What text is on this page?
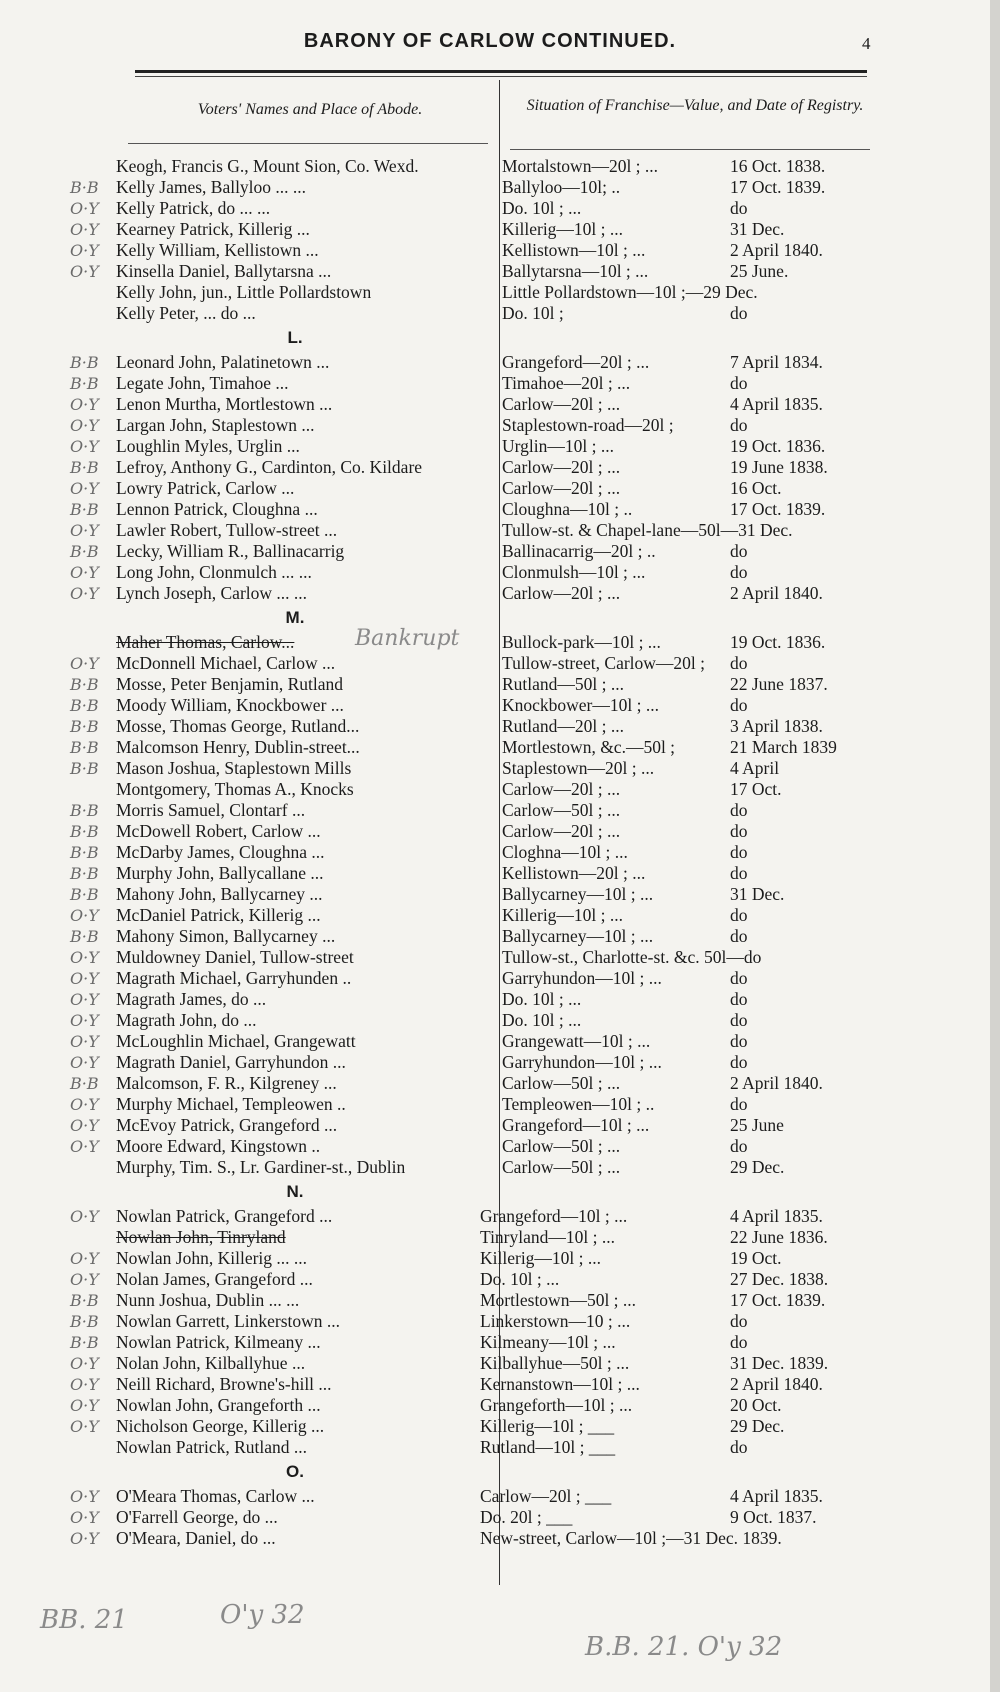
BARONY OF CARLOW CONTINUED.	4
Voters' Names and Place of Abode.	Situation of Franchise—Value, and Date of Registry.
Keogh, Francis G., Mount Sion, Co. Wexd.	Mortalstown—20l ; ...	16 Oct. 1838.
B·B Kelly James, Ballyloo ... ...	Ballyloo—10l; ..	17 Oct. 1839.
O·Y Kelly Patrick, do ... ...	Do. 10l ; ...	do
O·Y Kearney Patrick, Killerig ...	Killerig—10l ; ...	31 Dec.
O·Y Kelly William, Kellistown ...	Kellistown—10l ; ...	2 April 1840.
O·Y Kinsella Daniel, Ballytarsna ...	Ballytarsna—10l ; ...	25 June.
Kelly John, jun., Little Pollardstown	Little Pollardstown—10l ;—29 Dec.
Kelly Peter, ... do ...	Do. 10l ;	do
L.
B·B Leonard John, Palatinetown ...	Grangeford—20l ; ...	7 April 1834.
B·B Legate John, Timahoe ...	Timahoe—20l ; ...	do
O·Y Lenon Murtha, Mortlestown ...	Carlow—20l ; ...	4 April 1835.
O·Y Largan John, Staplestown ...	Staplestown-road—20l ;	do
O·Y Loughlin Myles, Urglin ...	Urglin—10l ; ...	19 Oct. 1836.
B·B Lefroy, Anthony G., Cardinton, Co. Kildare	Carlow—20l ; ...	19 June 1838.
O·Y Lowry Patrick, Carlow ...	Carlow—20l ; ...	16 Oct.
B·B Lennon Patrick, Cloughna ...	Cloughna—10l ; ..	17 Oct. 1839.
O·Y Lawler Robert, Tullow-street ...	Tullow-st. & Chapel-lane—50l—31 Dec.
B·B Lecky, William R., Ballinacarrig	Ballinacarrig—20l ; ..	do
O·Y Long John, Clonmulch ... ...	Clonmulsh—10l ; ...	do
O·Y Lynch Joseph, Carlow ... ...	Carlow—20l ; ...	2 April 1840.
M.
Maher Thomas, Carlow...	Bankrupt Bullock-park—10l ; ...	19 Oct. 1836.
O·Y McDonnell Michael, Carlow ...	Tullow-street, Carlow—20l ; do
B·B Mosse, Peter Benjamin, Rutland	Rutland—50l ; ...	22 June 1837.
B·B Moody William, Knockbower ...	Knockbower—10l ; ...	do
B·B Mosse, Thomas George, Rutland...	Rutland—20l ; ...	3 April 1838.
B·B Malcomson Henry, Dublin-street...	Mortlestown, &c.—50l ;	21 March 1839
B·B Mason Joshua, Staplestown Mills	Staplestown—20l ; ...	4 April
Montgomery, Thomas A., Knocks	Carlow—20l ; ...	17 Oct.
B·B Morris Samuel, Clontarf ...	Carlow—50l ; ...	do
B·B McDowell Robert, Carlow ...	Carlow—20l ; ...	do
B·B McDarby James, Cloughna ...	Cloghna—10l ; ...	do
B·B Murphy John, Ballycallane ...	Kellistown—20l ; ...	do
B·B Mahony John, Ballycarney ...	Ballycarney—10l ; ...	31 Dec.
O·Y McDaniel Patrick, Killerig ...	Killerig—10l ; ...	do
B·B Mahony Simon, Ballycarney ...	Ballycarney—10l ; ...	do
O·Y Muldowney Daniel, Tullow-street	Tullow-st., Charlotte-st. &c. 50l—do
O·Y Magrath Michael, Garryhunden ..	Garryhundon—10l ; ...	do
O·Y Magrath James, do ...	Do. 10l ; ...	do
O·Y Magrath John, do ...	Do. 10l ; ...	do
O·Y McLoughlin Michael, Grangewatt	Grangewatt—10l ; ...	do
O·Y Magrath Daniel, Garryhundon ...	Garryhundon—10l ; ...	do
B·B Malcomson, F. R., Kilgreney ...	Carlow—50l ; ...	2 April 1840.
O·Y Murphy Michael, Templeowen ..	Templeowen—10l ; ..	do
O·Y McEvoy Patrick, Grangeford ...	Grangeford—10l ; ...	25 June
O·Y Moore Edward, Kingstown ..	Carlow—50l ; ...	do
Murphy, Tim. S., Lr. Gardiner-st., Dublin	Carlow—50l ; ...	29 Dec.
N.
O·Y Nowlan Patrick, Grangeford ...	Grangeford—10l ; ...	4 April 1835.
Nowlan John, Tinryland	Tinryland—10l ; ...	22 June 1836.
O·Y Nowlan John, Killerig ... ...	Killerig—10l ; ...	19 Oct.
O·Y Nolan James, Grangeford ...	Do. 10l ; ...	27 Dec. 1838.
B·B Nunn Joshua, Dublin ... ...	Mortlestown—50l ; ...	17 Oct. 1839.
B·B Nowlan Garrett, Linkerstown ...	Linkerstown—10 ; ...	do
B·B Nowlan Patrick, Kilmeany ...	Kilmeany—10l ; ...	do
O·Y Nolan John, Kilballyhue ...	Kilballyhue—50l ; ...	31 Dec. 1839.
O·Y Neill Richard, Browne's-hill ...	Kernanstown—10l ; ...	2 April 1840.
O·Y Nowlan John, Grangeforth ...	Grangeforth—10l ; ...	20 Oct.
O·Y Nicholson George, Killerig ...	Killerig—10l ; ___	29 Dec.
Nowlan Patrick, Rutland ...	Rutland—10l ; ___	do
O.
O·Y O'Meara Thomas, Carlow ...	Carlow—20l ; ___	4 April 1835.
O·Y O'Farrell George, do ...	Do. 20l ; ___	9 Oct. 1837.
O·Y O'Meara, Daniel, do ...	New-street, Carlow—10l ;—31 Dec. 1839.
BB. 21	O'y 32
B.B. 21. O'y 32
